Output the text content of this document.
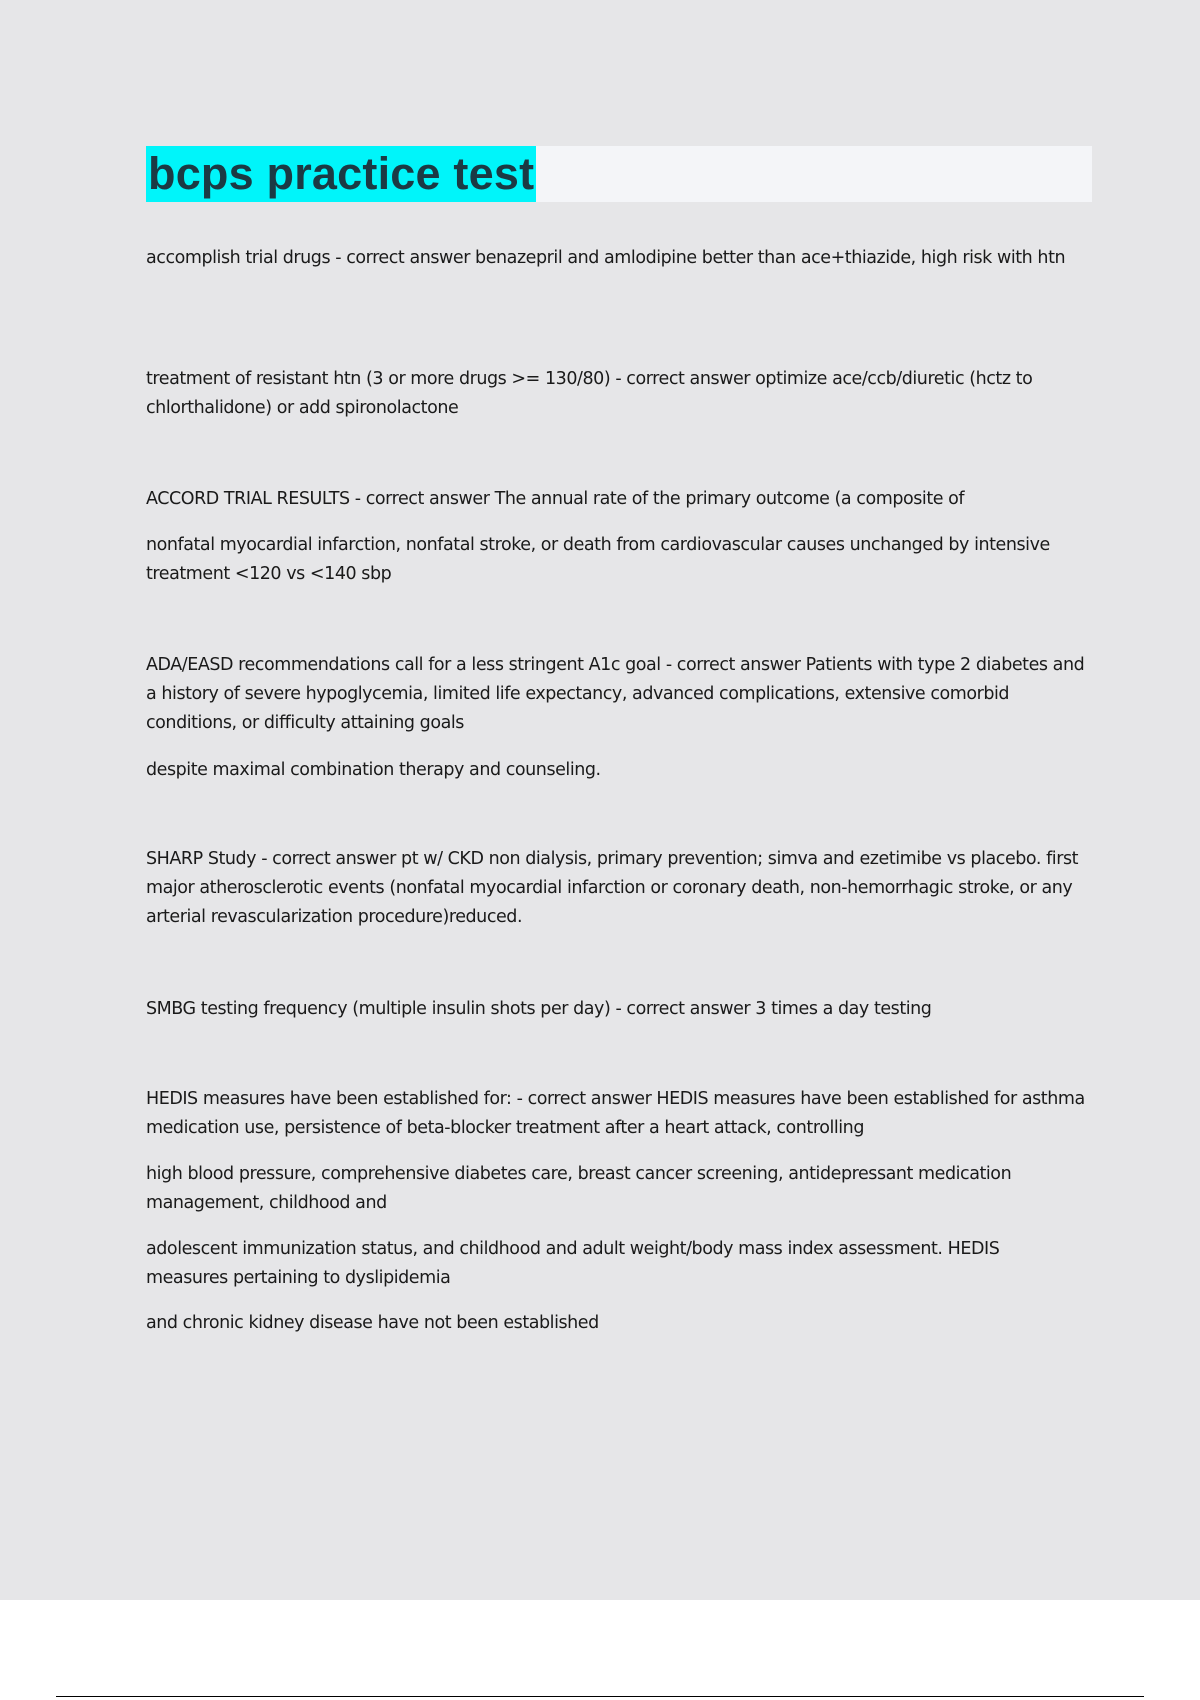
bcps practice test

accomplish trial drugs - correct answer benazepril and amlodipine better than ace+thiazide, high risk with htn

treatment of resistant htn (3 or more drugs >= 130/80) - correct answer optimize ace/ccb/diuretic (hctz to chlorthalidone) or add spironolactone

ACCORD TRIAL RESULTS - correct answer The annual rate of the primary outcome (a composite of

nonfatal myocardial infarction, nonfatal stroke, or death from cardiovascular causes unchanged by intensive treatment <120 vs <140 sbp

ADA/EASD recommendations call for a less stringent A1c goal - correct answer Patients with type 2 diabetes and a history of severe hypoglycemia, limited life expectancy, advanced complications, extensive comorbid conditions, or difficulty attaining goals

despite maximal combination therapy and counseling.

SHARP Study - correct answer pt w/ CKD non dialysis, primary prevention; simva and ezetimibe vs placebo. first major atherosclerotic events (nonfatal myocardial infarction or coronary death, non-hemorrhagic stroke, or any arterial revascularization procedure)reduced.

SMBG testing frequency (multiple insulin shots per day) - correct answer 3 times a day testing

HEDIS measures have been established for: - correct answer HEDIS measures have been established for asthma medication use, persistence of beta-blocker treatment after a heart attack, controlling

high blood pressure, comprehensive diabetes care, breast cancer screening, antidepressant medication management, childhood and

adolescent immunization status, and childhood and adult weight/body mass index assessment. HEDIS measures pertaining to dyslipidemia

and chronic kidney disease have not been established
